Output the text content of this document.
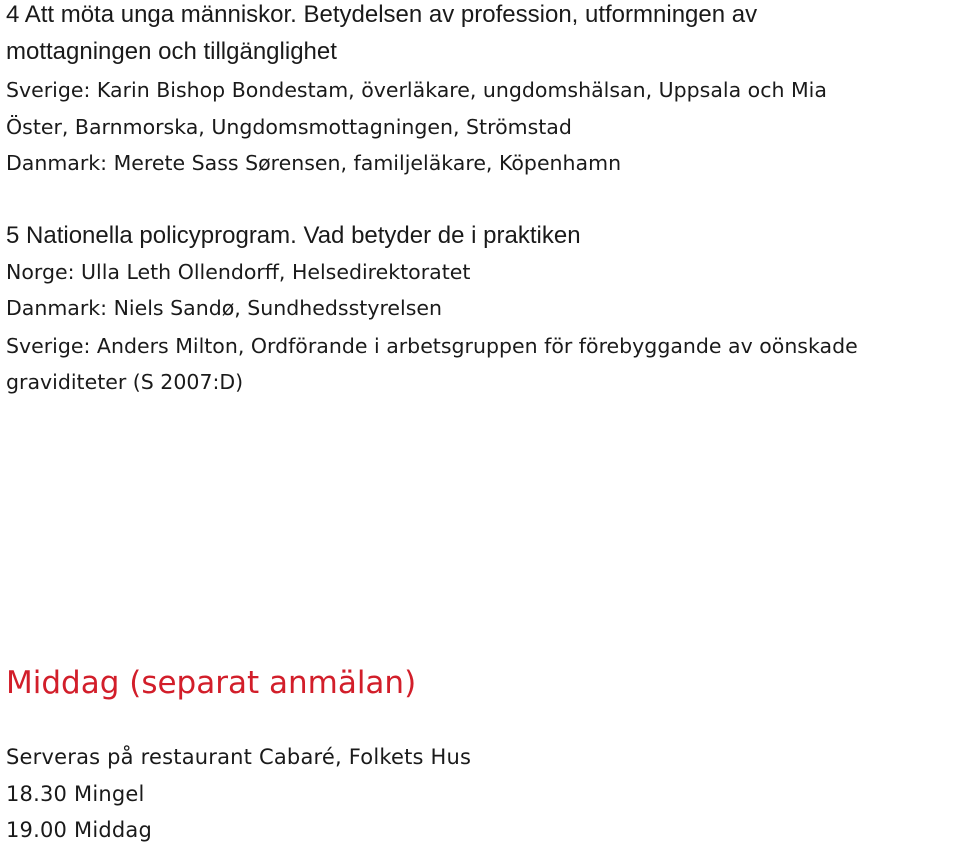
4 Att möta unga människor. Betydelsen av profession, utformningen av
mottagningen och tillgänglighet
Sverige: Karin Bishop Bondestam, överläkare, ungdomshälsan, Uppsala och Mia
Öster, Barnmorska, Ungdomsmottagningen, Strömstad
Danmark: Merete Sass Sørensen, familjeläkare, Köpenhamn
5 Nationella policyprogram. Vad betyder de i praktiken
Norge: Ulla Leth Ollendorff, Helsedirektoratet
Danmark: Niels Sandø, Sundhedsstyrelsen
Sverige: Anders Milton, Ordförande i arbetsgruppen för förebyggande av oönskade
graviditeter (S 2007:D)
Middag (separat anmälan)
Serveras på restaurant Cabaré, Folkets Hus
18.30 Mingel
19.00 Middag
